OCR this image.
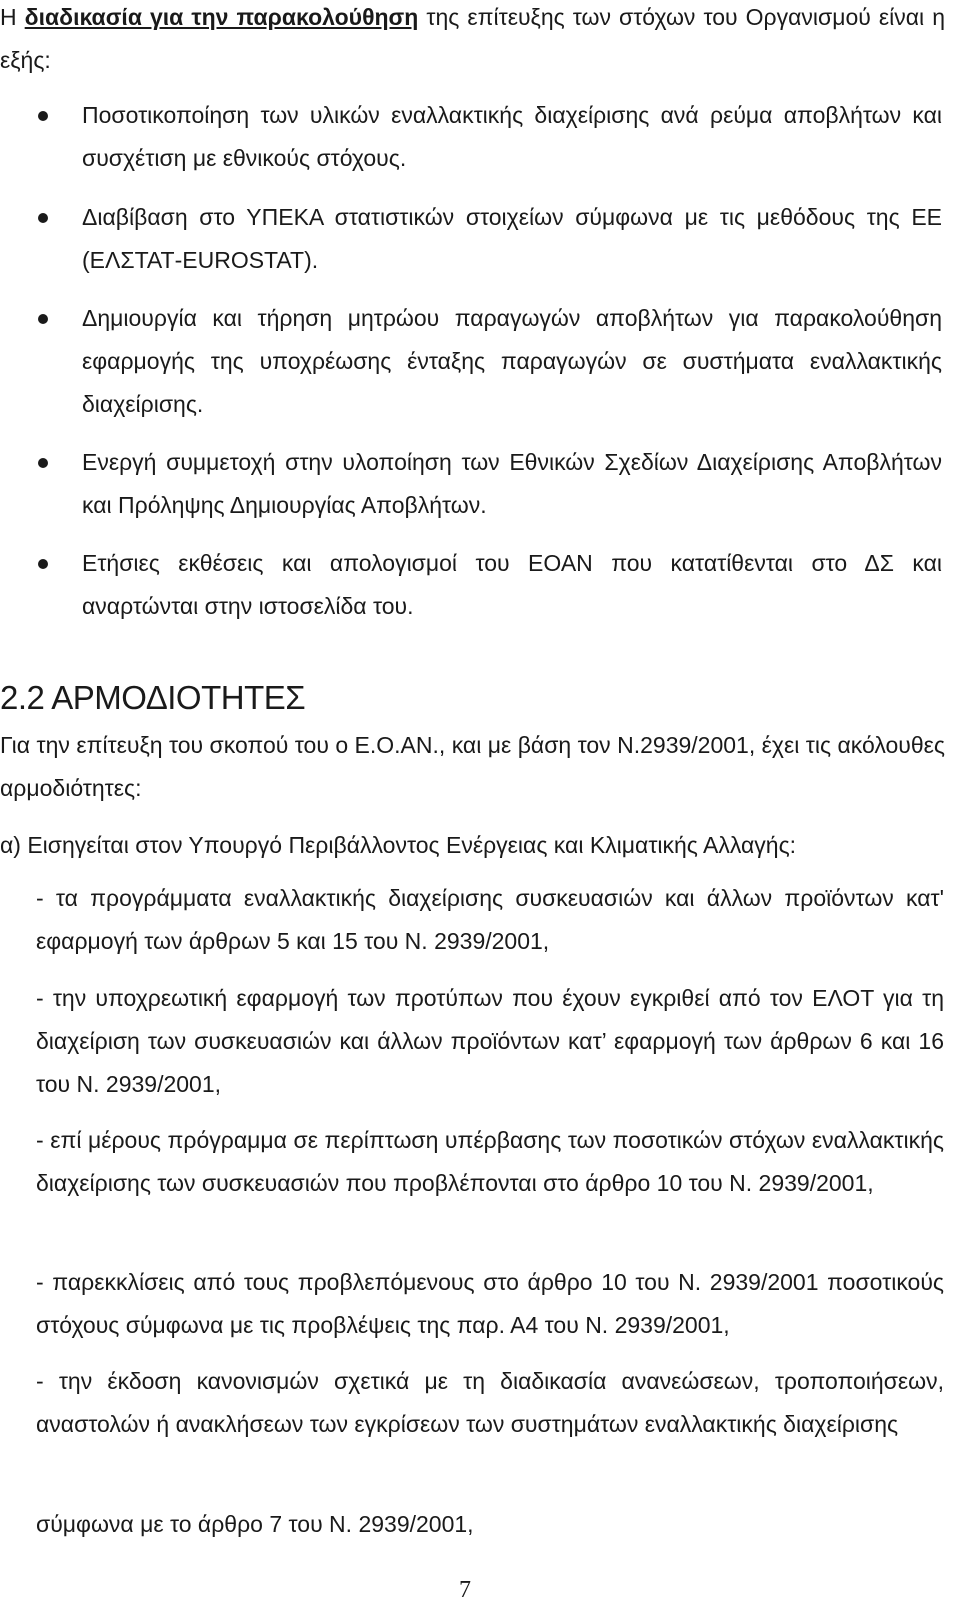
Η διαδικασία για την παρακολούθηση της επίτευξης των στόχων του Οργανισμού είναι η εξής:

Ποσοτικοποίηση των υλικών εναλλακτικής διαχείρισης ανά ρεύμα αποβλήτων και συσχέτιση με εθνικούς στόχους.
Διαβίβαση στο ΥΠΕΚΑ στατιστικών στοιχείων σύμφωνα με τις μεθόδους της ΕΕ (ΕΛΣΤΑΤ-EUROSTAT).
Δημιουργία και τήρηση μητρώου παραγωγών αποβλήτων για παρακολούθηση εφαρμογής της υποχρέωσης ένταξης παραγωγών σε συστήματα εναλλακτικής διαχείρισης.
Ενεργή συμμετοχή στην υλοποίηση των Εθνικών Σχεδίων Διαχείρισης Αποβλήτων και Πρόληψης Δημιουργίας Αποβλήτων.
Ετήσιες εκθέσεις και απολογισμοί του ΕΟΑΝ που κατατίθενται στο ΔΣ και αναρτώνται στην ιστοσελίδα του.
2.2 ΑΡΜΟΔΙΟΤΗΤΕΣ

Για την επίτευξη του σκοπού του ο Ε.Ο.ΑΝ., και με βάση τον Ν.2939/2001, έχει τις ακόλουθες αρμοδιότητες:

α) Εισηγείται στον Υπουργό Περιβάλλοντος Ενέργειας και Κλιματικής Αλλαγής:

- τα προγράμματα εναλλακτικής διαχείρισης συσκευασιών και άλλων προϊόντων κατ' εφαρμογή των άρθρων 5 και 15 του Ν. 2939/2001,

- την υποχρεωτική εφαρμογή των προτύπων που έχουν εγκριθεί από τον ΕΛΟΤ για τη διαχείριση των συσκευασιών και άλλων προϊόντων κατ’ εφαρμογή των άρθρων 6 και 16 του Ν. 2939/2001,

- επί μέρους πρόγραμμα σε περίπτωση υπέρβασης των ποσοτικών στόχων εναλλακτικής διαχείρισης των συσκευασιών που προβλέπονται στο άρθρο 10 του Ν. 2939/2001,

- παρεκκλίσεις από τους προβλεπόμενους στο άρθρο 10 του Ν. 2939/2001 ποσοτικούς στόχους σύμφωνα με τις προβλέψεις της παρ. Α4 του Ν. 2939/2001,

- την έκδοση κανονισμών σχετικά με τη διαδικασία ανανεώσεων, τροποποιήσεων, αναστολών ή ανακλήσεων των εγκρίσεων των συστημάτων εναλλακτικής διαχείρισης

σύμφωνα με το άρθρο 7 του Ν. 2939/2001,

7
